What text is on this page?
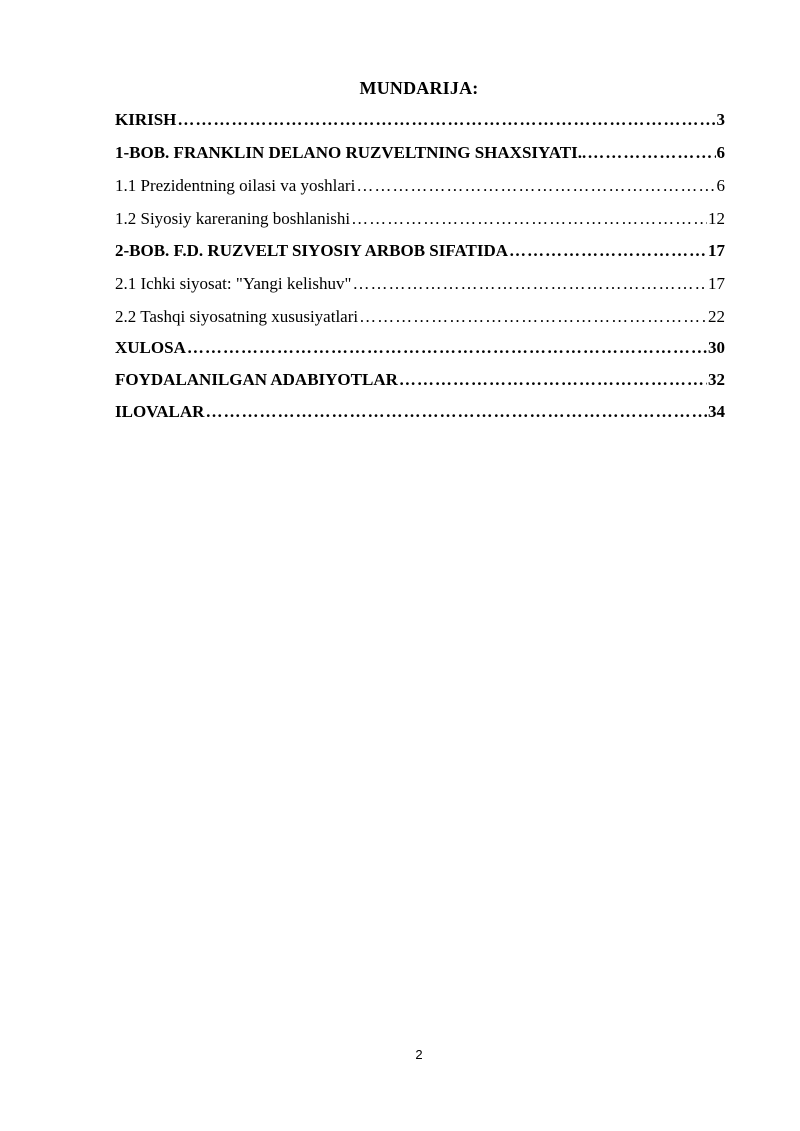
MUNDARIJA:
KIRISH …………………………………………………………………………………………………………………………………………………………………………	3
1-BOB. FRANKLIN DELANO RUZVELTNING SHAXSIYATI.. …………………………………………………………………………………………………………………………………………………………………………	6
1.1 Prezidentning oilasi va yoshlari …………………………………………………………………………………………………………………………………………………………………………	6
1.2 Siyosiy kareraning boshlanishi …………………………………………………………………………………………………………………………………………………………………………	12
2-BOB. F.D. RUZVELT SIYOSIY ARBOB SIFATIDA …………………………………………………………………………………………………………………………………………………………………………	17
2.1 Ichki siyosat: "Yangi kelishuv" …………………………………………………………………………………………………………………………………………………………………………	17
2.2 Tashqi siyosatning xususiyatlari …………………………………………………………………………………………………………………………………………………………………………	22
XULOSA …………………………………………………………………………………………………………………………………………………………………………	30
FOYDALANILGAN ADABIYOTLAR …………………………………………………………………………………………………………………………………………………………………………	32
ILOVALAR …………………………………………………………………………………………………………………………………………………………………………	34
2
